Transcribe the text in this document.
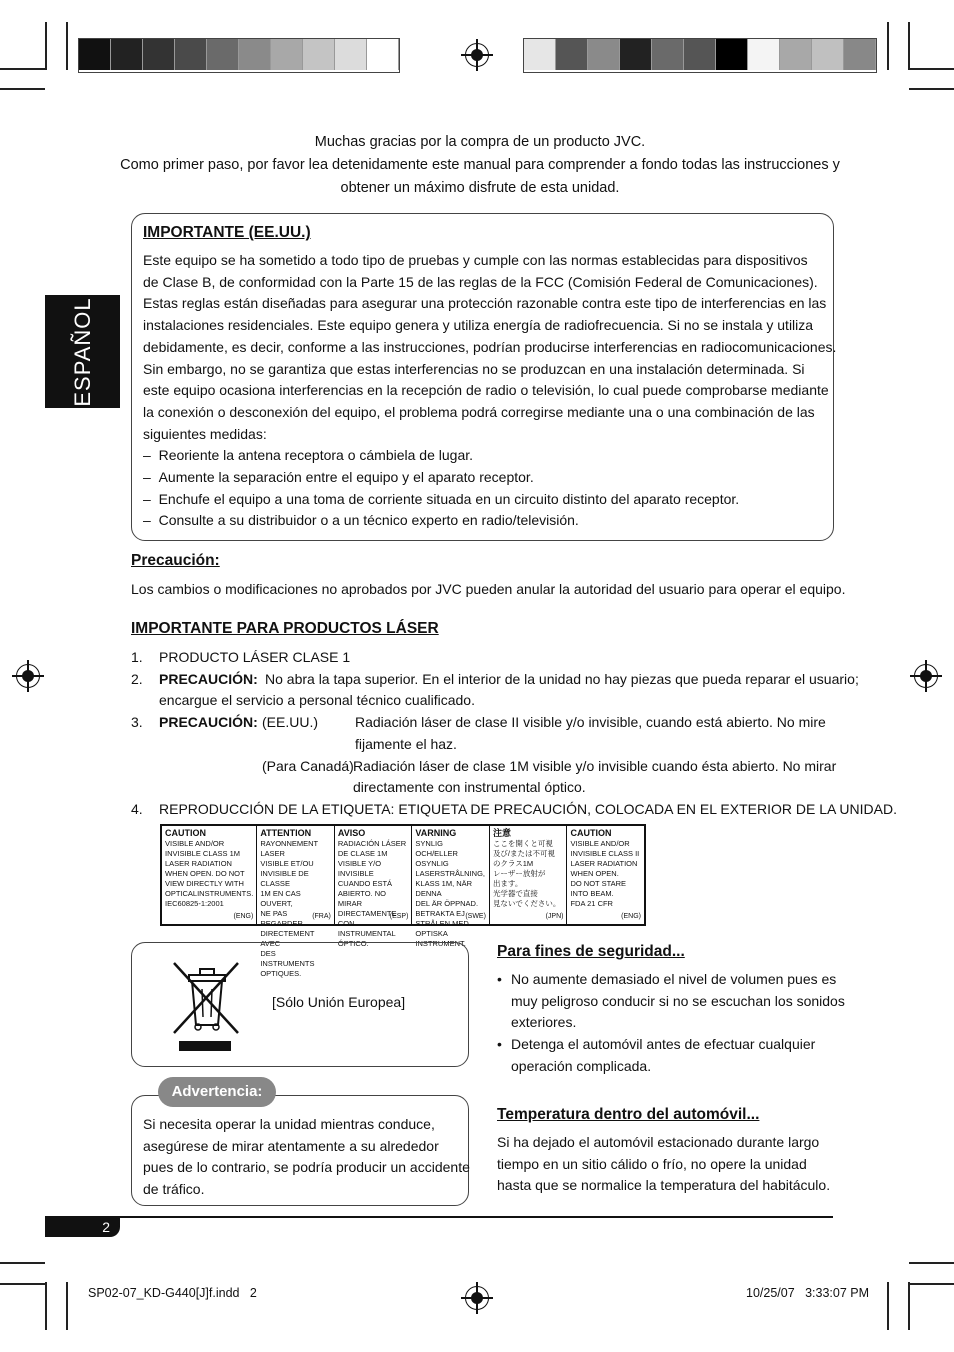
Muchas gracias por la compra de un producto JVC.
Como primer paso, por favor lea detenidamente este manual para comprender a fondo todas las instrucciones y
obtener un máximo disfrute de esta unidad.
ESPAÑOL
IMPORTANTE (EE.UU.)
Este equipo se ha sometido a todo tipo de pruebas y cumple con las normas establecidas para dispositivos
de Clase B, de conformidad con la Parte 15 de las reglas de la FCC (Comisión Federal de Comunicaciones).
Estas reglas están diseñadas para asegurar una protección razonable contra este tipo de interferencias en las
instalaciones residenciales. Este equipo genera y utiliza energía de radiofrecuencia. Si no se instala y utiliza
debidamente, es decir, conforme a las instrucciones, podrían producirse interferencias en radiocomunicaciones.
Sin embargo, no se garantiza que estas interferencias no se produzcan en una instalación determinada. Si
este equipo ocasiona interferencias en la recepción de radio o televisión, lo cual puede comprobarse mediante
la conexión o desconexión del equipo, el problema podrá corregirse mediante una o una combinación de las
siguientes medidas:
–  Reoriente la antena receptora o cámbiela de lugar.
–  Aumente la separación entre el equipo y el aparato receptor.
–  Enchufe el equipo a una toma de corriente situada en un circuito distinto del aparato receptor.
–  Consulte a su distribuidor o a un técnico experto en radio/televisión.
Precaución:
Los cambios o modificaciones no aprobados por JVC pueden anular la autoridad del usuario para operar el equipo.
IMPORTANTE PARA PRODUCTOS LÁSER
1. PRODUCTO LÁSER CLASE 1
2. PRECAUCIÓN: No abra la tapa superior. En el interior de la unidad no hay piezas que pueda reparar el usuario;
encargue el servicio a personal técnico cualificado.
3. PRECAUCIÓN: (EE.UU.)	Radiación láser de clase II visible y/o invisible, cuando está abierto. No mire
fijamente el haz.
(Para Canadá) Radiación láser de clase 1M visible y/o invisible cuando ésta abierto. No mirar
directamente con instrumental óptico.
4. REPRODUCCIÓN DE LA ETIQUETA: ETIQUETA DE PRECAUCIÓN, COLOCADA EN EL EXTERIOR DE LA UNIDAD.
CAUTION
VISIBLE AND/OR
INVISIBLE CLASS 1M
LASER RADIATION
WHEN OPEN. DO NOT
VIEW DIRECTLY WITH
OPTICALINSTRUMENTS.
IEC60825-1:2001
(ENG)
ATTENTION
RAYONNEMENT LASER
VISIBLE ET/OU
INVISIBLE DE CLASSE
1M EN CAS OUVERT,
NE PAS REGARDER
DIRECTEMENT AVEC
DES INSTRUMENTS
OPTIQUES.
(FRA)
AVISO
RADIACIÓN LÁSER
DE CLASE 1M
VISIBLE Y/O INVISIBLE
CUANDO ESTÁ
ABIERTO. NO MIRAR
DIRECTAMENTE
CON INSTRUMENTAL
ÓPTICO.
(ESP)
VARNING
SYNLIG OCH/ELLER
OSYNLIG
LASERSTRÅLNING,
KLASS 1M, NÄR DENNA
DEL ÄR ÖPPNAD.
BETRAKTA EJ
STRÅLEN MED OPTISKA
INSTRUMENT.
(SWE)
注意
ここを開くと可視
及び/または不可視
のクラス1M
レーザー放射が
出ます。
光学器で直接
見ないでください。
(JPN)
CAUTION
VISIBLE AND/OR
INVISIBLE CLASS II
LASER RADIATION
WHEN OPEN.
DO NOT STARE
INTO BEAM.
FDA 21 CFR
(ENG)
[Sólo Unión Europea]
Si necesita operar la unidad mientras conduce,
asegúrese de mirar atentamente a su alrededor
pues de lo contrario, se podría producir un accidente
de tráfico.
Advertencia:
Para fines de seguridad...
• No aumente demasiado el nivel de volumen pues es
muy peligroso conducir si no se escuchan los sonidos
exteriores.
• Detenga el automóvil antes de efectuar cualquier
operación complicada.
Temperatura dentro del automóvil...
Si ha dejado el automóvil estacionado durante largo
tiempo en un sitio cálido o frío, no opere la unidad
hasta que se normalice la temperatura del habitáculo.
2
SP02-07_KD-G440[J]f.indd   2	10/25/07   3:33:07 PM
